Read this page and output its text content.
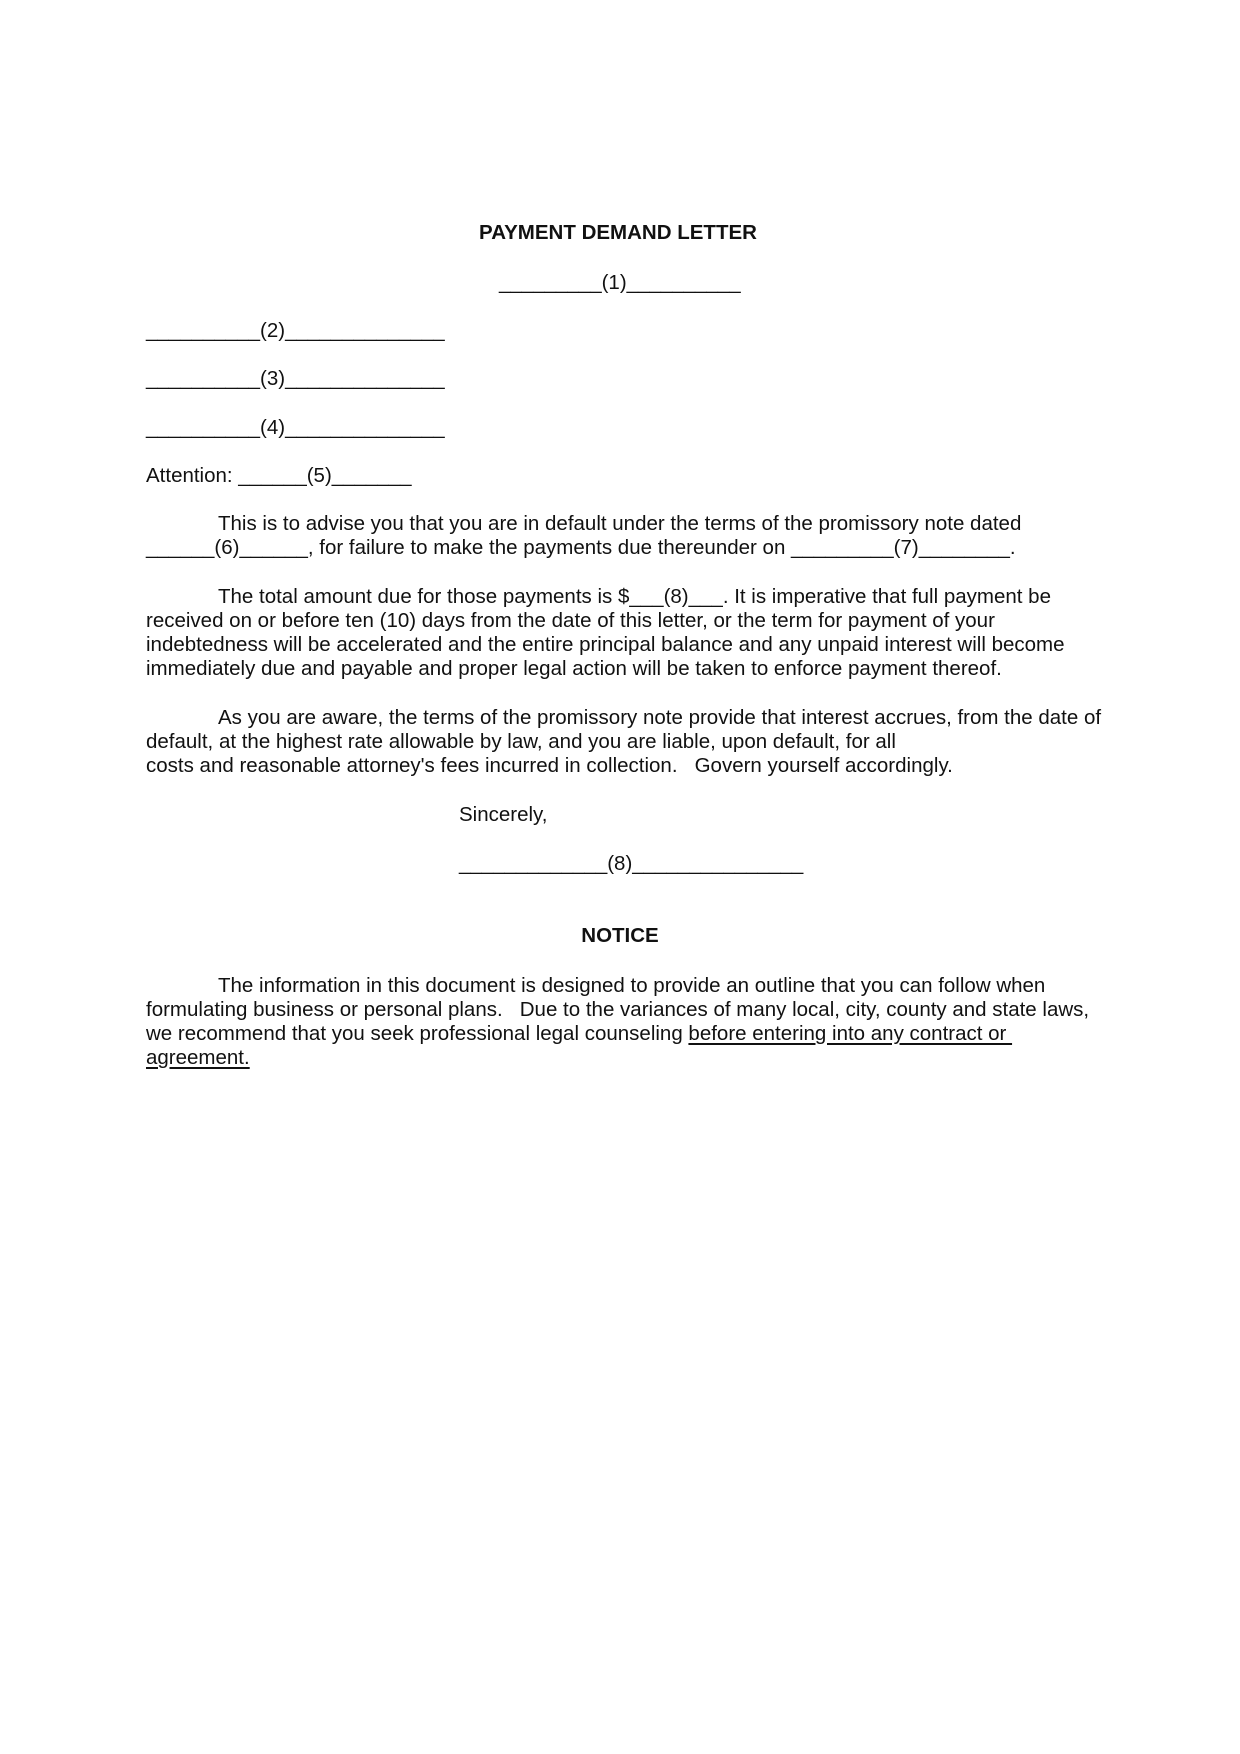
PAYMENT DEMAND LETTER
_________(1)__________
__________(2)______________
__________(3)______________
__________(4)______________
Attention: ______(5)_______
This is to advise you that you are in default under the terms of the promissory note dated
______(6)______, for failure to make the payments due thereunder on _________(7)________.
The total amount due for those payments is $___(8)___. It is imperative that full payment be
received on or before ten (10) days from the date of this letter, or the term for payment of your
indebtedness will be accelerated and the entire principal balance and any unpaid interest will become
immediately due and payable and proper legal action will be taken to enforce payment thereof.
As you are aware, the terms of the promissory note provide that interest accrues, from the date of
default, at the highest rate allowable by law, and you are liable, upon default, for all
costs and reasonable attorney's fees incurred in collection.   Govern yourself accordingly.
Sincerely,
_____________(8)_______________
NOTICE
The information in this document is designed to provide an outline that you can follow when
formulating business or personal plans.   Due to the variances of many local, city, county and state laws,
we recommend that you seek professional legal counseling before entering into any contract or
agreement.
